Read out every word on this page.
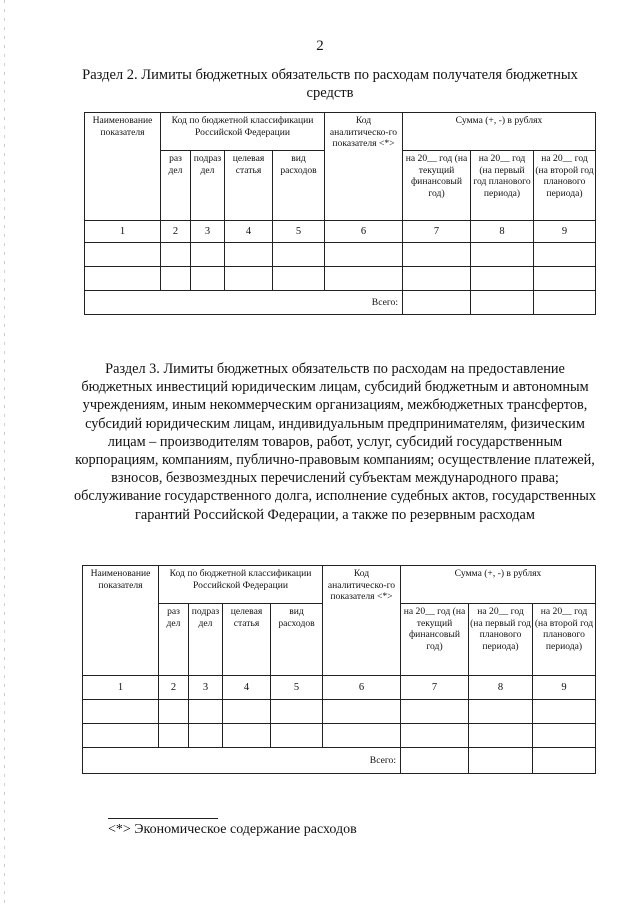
2
Раздел 2. Лимиты бюджетных обязательств по расходам получателя бюджетных средств
Наименование показателя	Код по бюджетной классификации Российской Федерации				Код аналитическо-го показателя <*>	Сумма (+, -) в рублях		
	раз дел	подраз дел	целевая статья	вид расходов		на 20__ год (на текущий финансовый год)	на 20__ год (на первый год планового периода)	на 20__ год (на второй год планового периода)
1	2	3	4	5	6	7	8	9

Всего:								
Раздел 3. Лимиты бюджетных обязательств по расходам на предоставление бюджетных инвестиций юридическим лицам, субсидий бюджетным и автономным учреждениям, иным некоммерческим организациям, межбюджетных трансфертов, субсидий юридическим лицам, индивидуальным предпринимателям, физическим лицам – производителям товаров, работ, услуг, субсидий государственным корпорациям, компаниям, публично-правовым компаниям; осуществление платежей, взносов, безвозмездных перечислений субъектам международного права; обслуживание государственного долга, исполнение судебных актов, государственных гарантий Российской Федерации, а также по резервным расходам
Наименование показателя	Код по бюджетной классификации Российской Федерации				Код аналитическо-го показателя <*>	Сумма (+, -) в рублях		
	раз дел	подраз дел	целевая статья	вид расходов		на 20__ год (на текущий финансовый год)	на 20__ год (на первый год планового периода)	на 20__ год (на второй год планового периода)
1	2	3	4	5	6	7	8	9

Всего:								
<*> Экономическое содержание расходов
